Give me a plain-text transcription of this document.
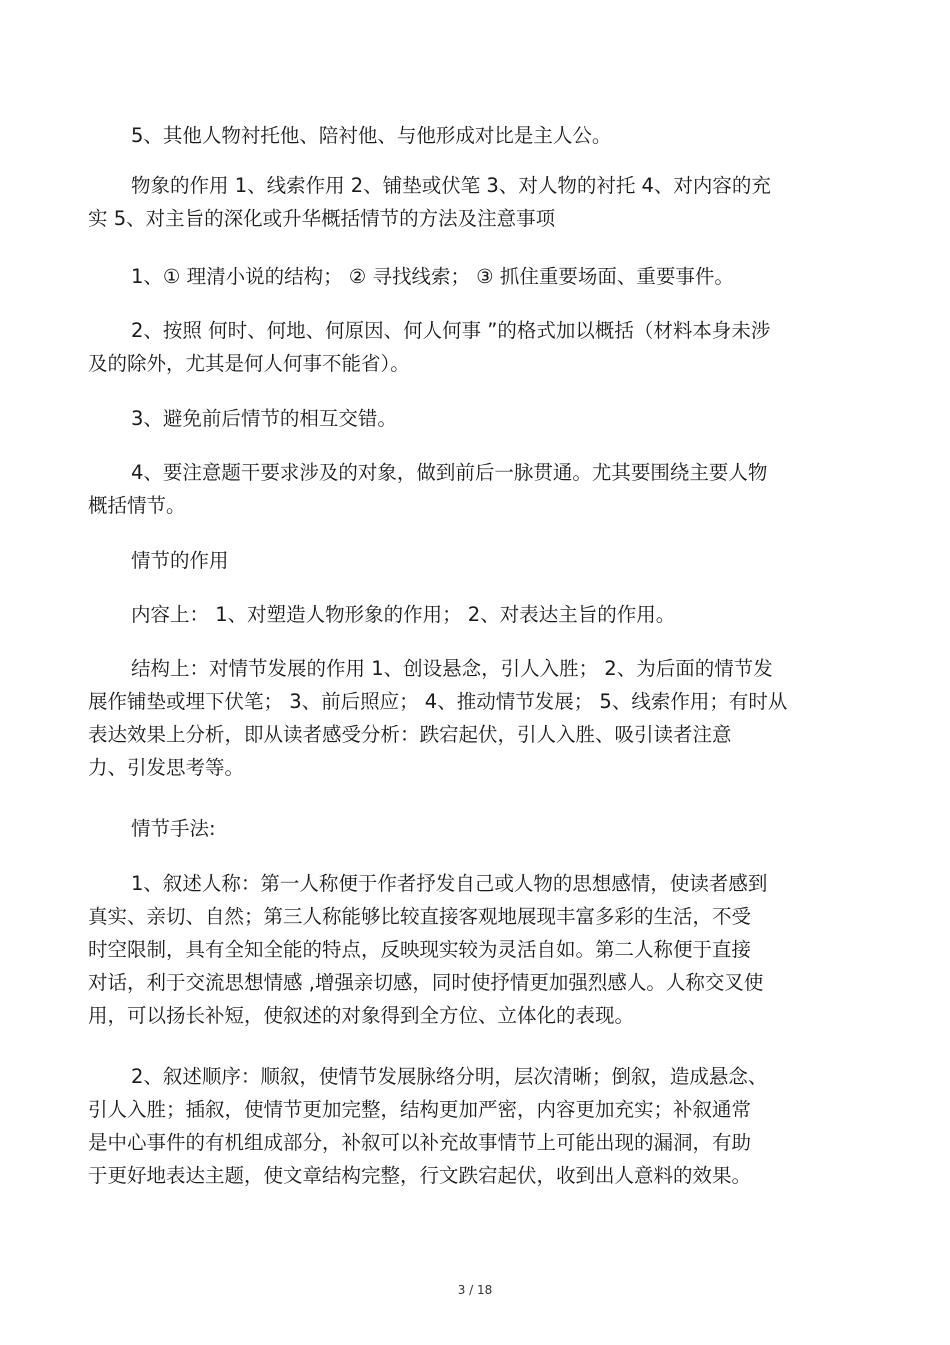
5、其他人物衬托他、陪衬他、与他形成对比是主人公。

物象的作用 1、线索作用 2、铺垫或伏笔 3、对人物的衬托 4、对内容的充
实 5、对主旨的深化或升华概括情节的方法及注意事项

1、① 理清小说的结构； ② 寻找线索； ③ 抓住重要场面、重要事件。

2、按照 何时、何地、何原因、何人何事 ”的格式加以概括（材料本身未涉
及的除外，尤其是何人何事不能省）。

3、避免前后情节的相互交错。

4、要注意题干要求涉及的对象，做到前后一脉贯通。尤其要围绕主要人物
概括情节。

情节的作用

内容上： 1、对塑造人物形象的作用； 2、对表达主旨的作用。

结构上：对情节发展的作用 1、创设悬念，引人入胜； 2、为后面的情节发
展作铺垫或埋下伏笔； 3、前后照应； 4、推动情节发展； 5、线索作用；有时从
表达效果上分析，即从读者感受分析：跌宕起伏，引人入胜、吸引读者注意
力、引发思考等。

情节手法:

1、叙述人称：第一人称便于作者抒发自己或人物的思想感情，使读者感到
真实、亲切、自然；第三人称能够比较直接客观地展现丰富多彩的生活，不受
时空限制，具有全知全能的特点，反映现实较为灵活自如。第二人称便于直接
对话，利于交流思想情感 ,增强亲切感，同时使抒情更加强烈感人。人称交叉使
用，可以扬长补短，使叙述的对象得到全方位、立体化的表现。

2、叙述顺序：顺叙，使情节发展脉络分明，层次清晰；倒叙，造成悬念、
引人入胜；插叙，使情节更加完整，结构更加严密，内容更加充实；补叙通常
是中心事件的有机组成部分，补叙可以补充故事情节上可能出现的漏洞，有助
于更好地表达主题，使文章结构完整，行文跌宕起伏，收到出人意料的效果。

3 / 18
